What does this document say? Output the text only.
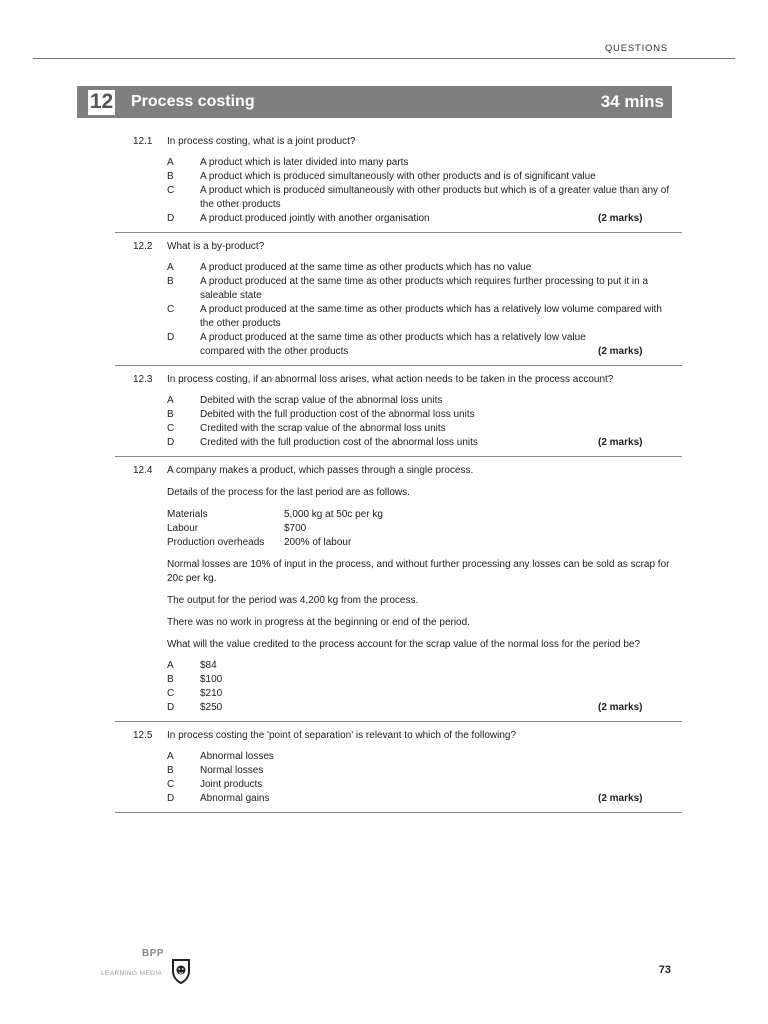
QUESTIONS
12 Process costing	34 mins
12.1	In process costing, what is a joint product?
A	A product which is later divided into many parts
B	A product which is produced simultaneously with other products and is of significant value
C	A product which is produced simultaneously with other products but which is of a greater value than any of the other products
D	A product produced jointly with another organisation	(2 marks)
12.2	What is a by-product?
A	A product produced at the same time as other products which has no value
B	A product produced at the same time as other products which requires further processing to put it in a saleable state
C	A product produced at the same time as other products which has a relatively low volume compared with the other products
D	A product produced at the same time as other products which has a relatively low value compared with the other products	(2 marks)
12.3	In process costing, if an abnormal loss arises, what action needs to be taken in the process account?
A	Debited with the scrap value of the abnormal loss units
B	Debited with the full production cost of the abnormal loss units
C	Credited with the scrap value of the abnormal loss units
D	Credited with the full production cost of the abnormal loss units	(2 marks)
12.4	A company makes a product, which passes through a single process.
Details of the process for the last period are as follows.
Materials	5,000 kg at 50c per kg
Labour	$700
Production overheads	200% of labour
Normal losses are 10% of input in the process, and without further processing any losses can be sold as scrap for 20c per kg.
The output for the period was 4,200 kg from the process.
There was no work in progress at the beginning or end of the period.
What will the value credited to the process account for the scrap value of the normal loss for the period be?
A	$84
B	$100
C	$210
D	$250	(2 marks)
12.5	In process costing the 'point of separation' is relevant to which of the following?
A	Abnormal losses
B	Normal losses
C	Joint products
D	Abnormal gains	(2 marks)
BPP
LEARNING MEDIA	73
